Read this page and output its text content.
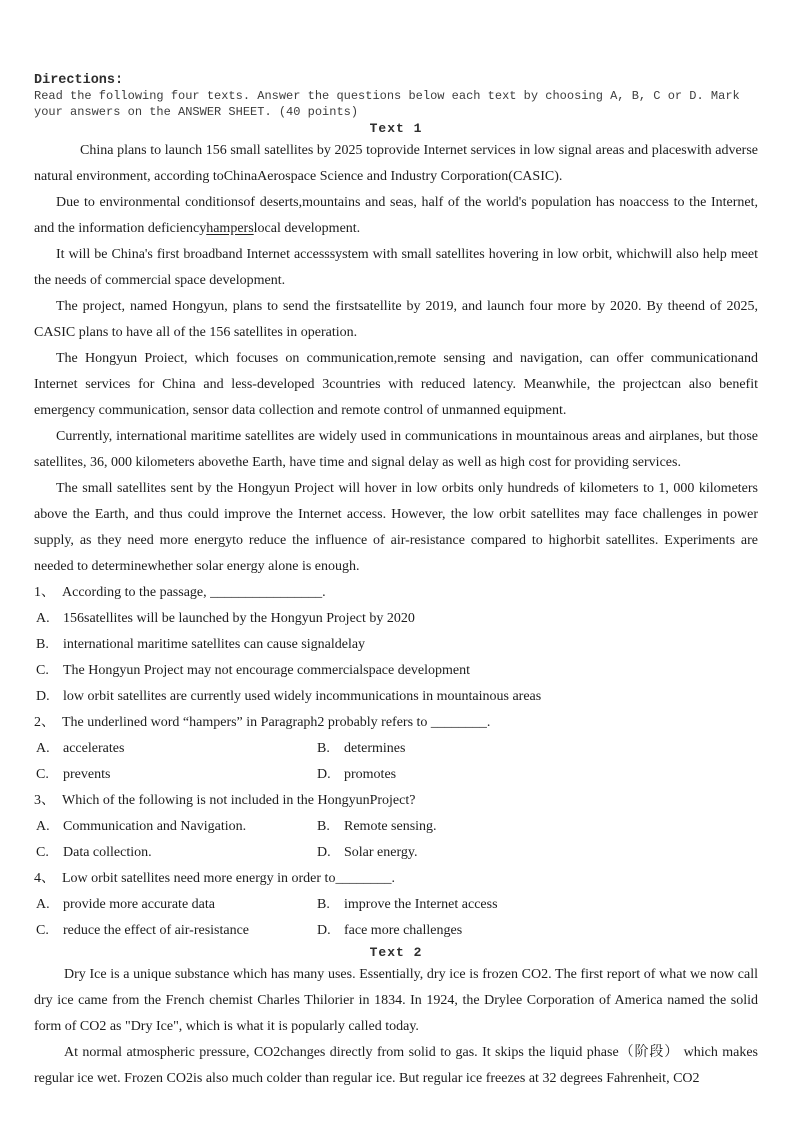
Directions:
Read the following four texts. Answer the questions below each text by choosing A, B, C or D. Mark
your answers on the ANSWER SHEET. (40 points)
Text 1

China plans to launch 156 small satellites by 2025 toprovide Internet services in low signal areas and placeswith adverse natural environment, according toChinaAerospace Science and Industry Corporation(CASIC).

Due to environmental conditionsof deserts,mountains and seas, half of the world's population has noaccess to the Internet, and the information deficiencyhamperslocal development.

It will be China's first broadband Internet accesssystem with small satellites hovering in low orbit, whichwill also help meet the needs of commercial space development.

The project, named Hongyun, plans to send the firstsatellite by 2019, and launch four more by 2020. By theend of 2025, CASIC plans to have all of the 156 satellites in operation.

The Hongyun Proiect, which focuses on communication,remote sensing and navigation, can offer communicationand Internet services for China and less-developed 3countries with reduced latency. Meanwhile, the projectcan also benefit emergency communication, sensor data collection and remote control of unmanned equipment.

Currently, international maritime satellites are widely used in communications in mountainous areas and airplanes, but those satellites, 36, 000 kilometers abovethe Earth, have time and signal delay as well as high cost for providing services.

The small satellites sent by the Hongyun Project will hover in low orbits only hundreds of kilometers to 1, 000 kilometers above the Earth, and thus could improve the Internet access. However, the low orbit satellites may face challenges in power supply, as they need more energyto reduce the influence of air-resistance compared to highorbit satellites. Experiments are needed to determinewhether solar energy alone is enough.

1、 According to the passage, ________________.
A. 156satellites will be launched by the Hongyun Project by 2020
B.	international maritime satellites can cause signaldelay
C.	The Hongyun Project may not encourage commercialspace development
D. low orbit satellites are currently used widely incommunications in mountainous areas
2、 The underlined word “hampers” in Paragraph2 probably refers to ________.
A. accelerates	B.	determines
C.	prevents	D. promotes
3、 Which of the following is not included in the HongyunProject?
A. Communication and Navigation.	B.	Remote sensing.
C.	Data collection.	D. Solar energy.
4、 Low orbit satellites need more energy in order to________.
A. provide more accurate data	B.	improve the Internet access
C.	reduce the effect of air-resistance	D. face more challenges
Text 2

Dry Ice is a unique substance which has many uses. Essentially, dry ice is frozen CO2. The first report of what we now call dry ice came from the French chemist Charles Thilorier in 1834. In 1924, the Drylee Corporation of America named the solid form of CO2 as "Dry Ice", which is what it is popularly called today.

At normal atmospheric pressure, CO2changes directly from solid to gas. It skips the liquid phase（阶段） which makes regular ice wet. Frozen CO2is also much colder than regular ice. But regular ice freezes at 32 degrees Fahrenheit, CO2
